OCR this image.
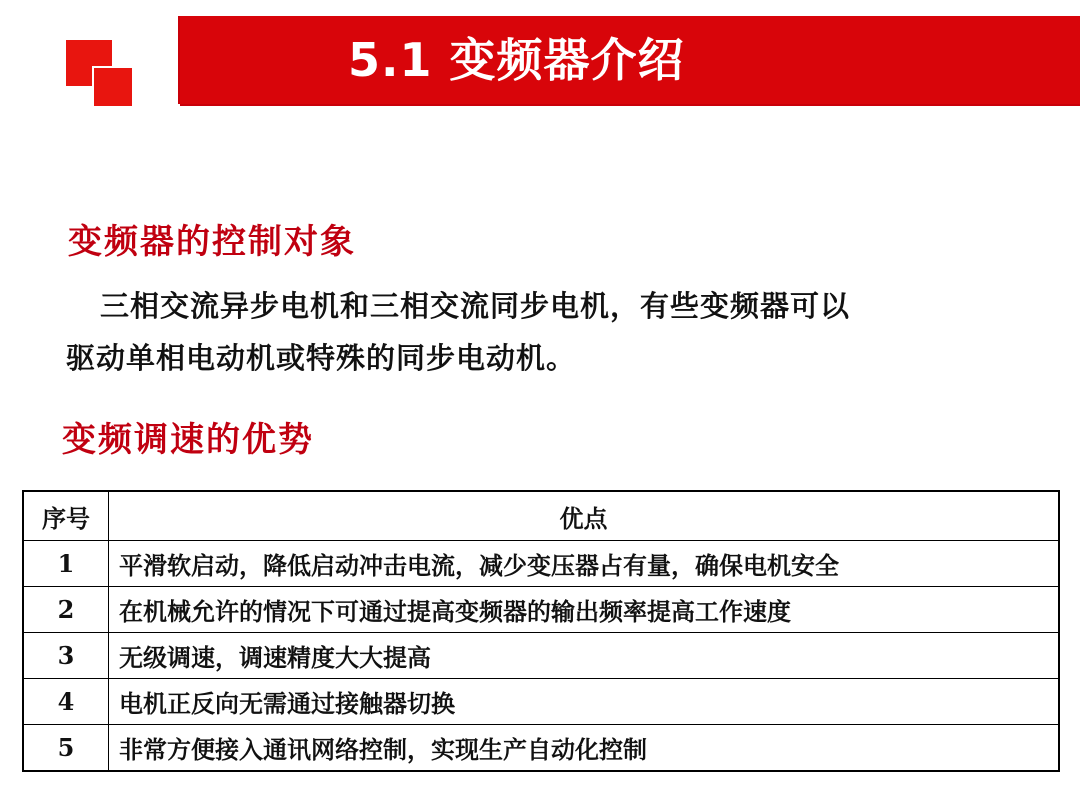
5.1 变频器介绍
变频器的控制对象
三相交流异步电机和三相交流同步电机，有些变频器可以
驱动单相电动机或特殊的同步电动机。
变频调速的优势
序号	优点
1	平滑软启动，降低启动冲击电流，减少变压器占有量，确保电机安全
2	在机械允许的情况下可通过提高变频器的输出频率提高工作速度
3	无级调速，调速精度大大提高
4	电机正反向无需通过接触器切换
5	非常方便接入通讯网络控制，实现生产自动化控制
